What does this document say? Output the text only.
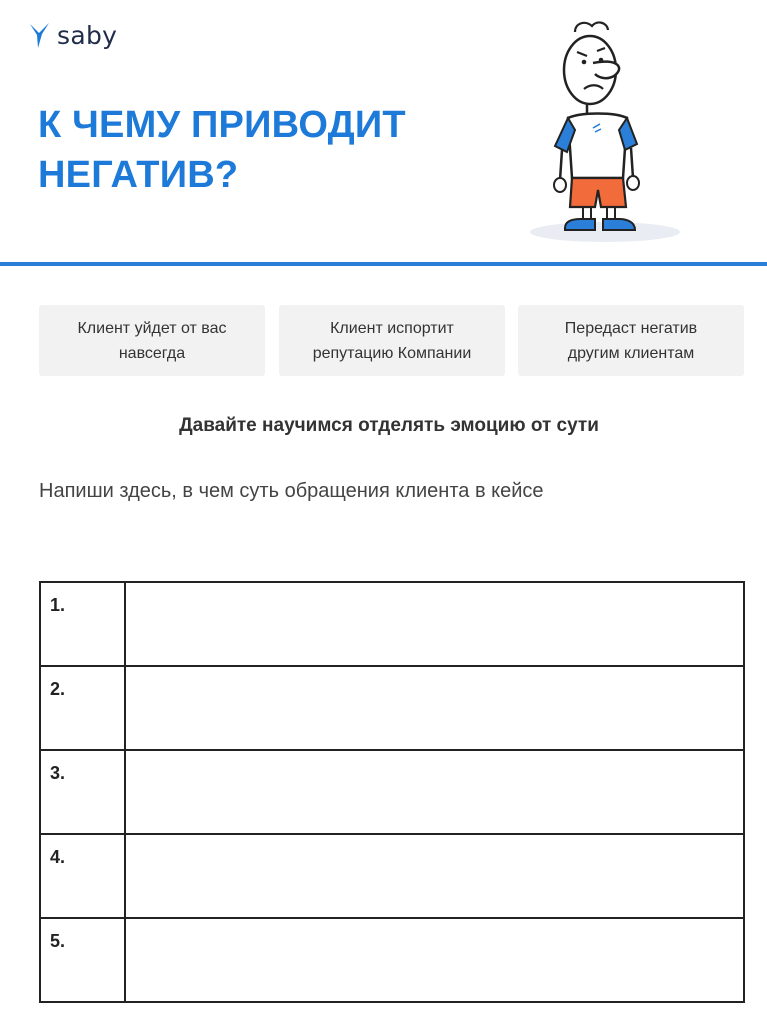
saby
К ЧЕМУ ПРИВОДИТ
НЕГАТИВ?
Клиент уйдет от вас
навсегда
Клиент испортит
репутацию Компании
Передаст негатив
другим клиентам

Давайте научимся отделять эмоцию от сути

Напиши здесь, в чем суть обращения клиента в кейсе

1.	
2.	
3.	
4.	
5.	
